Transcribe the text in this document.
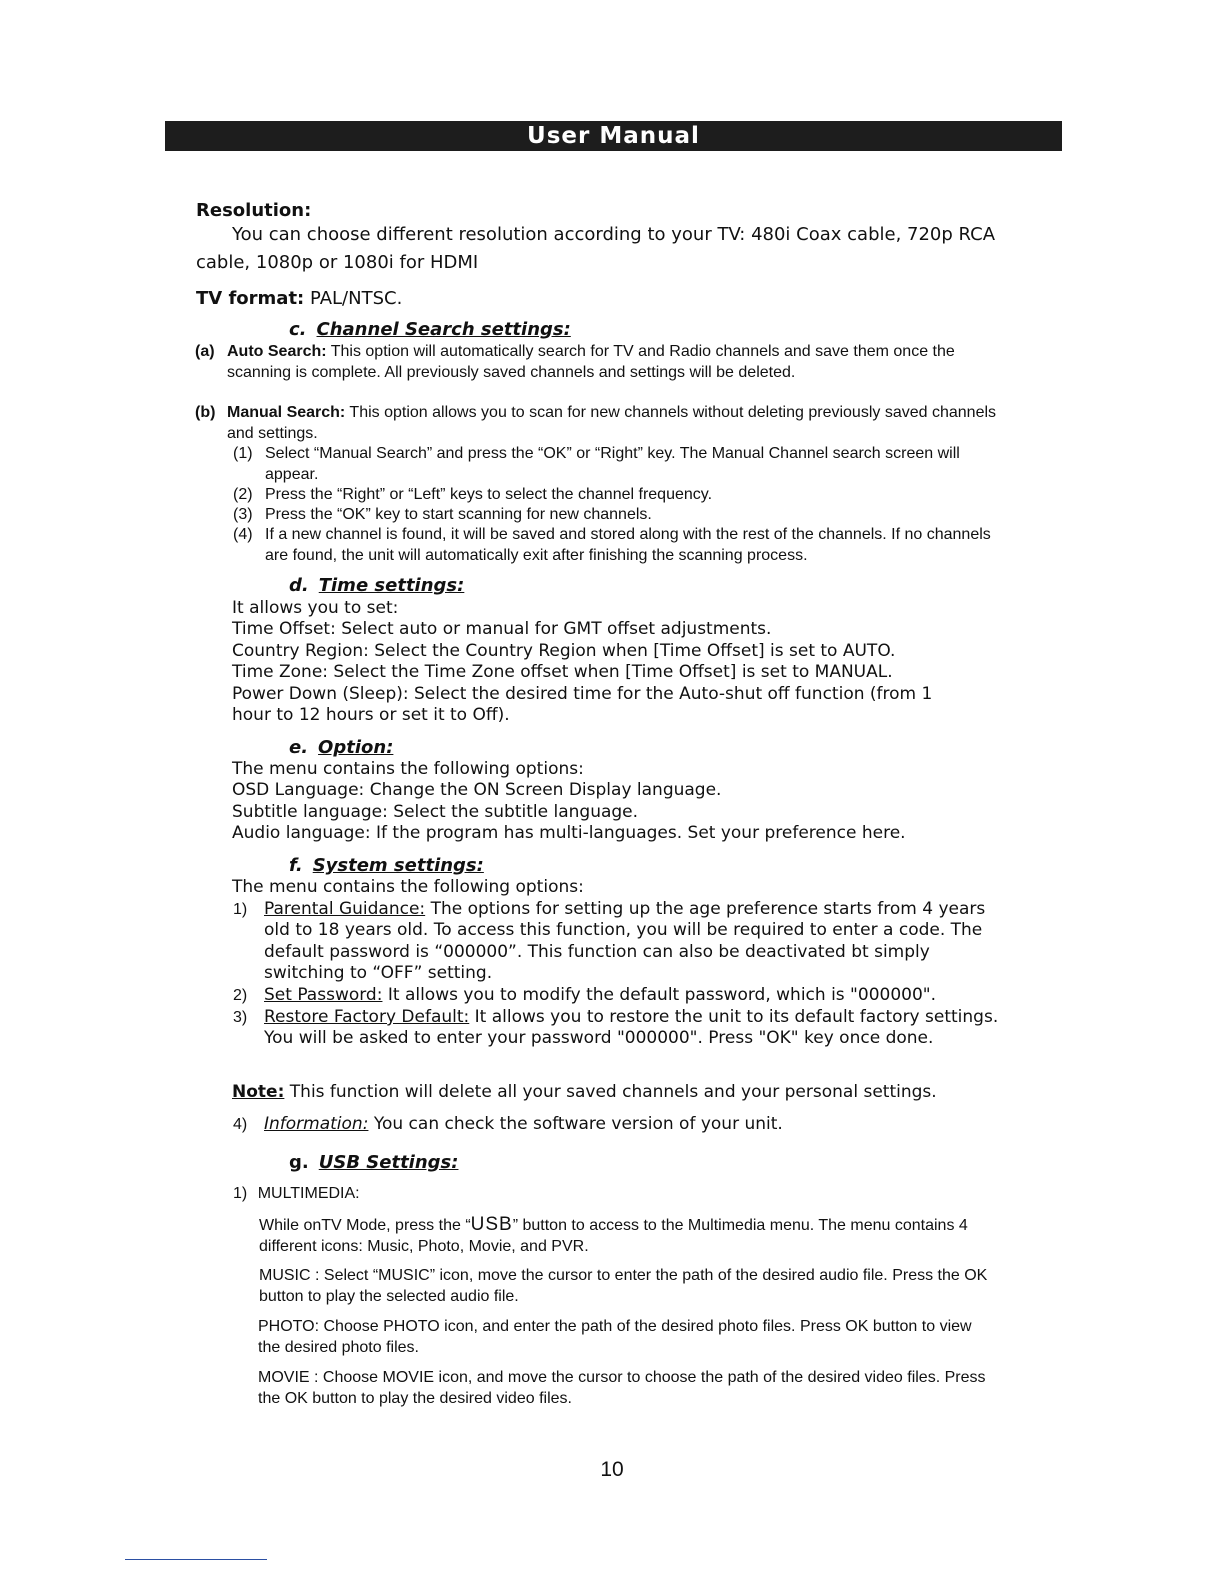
User Manual
Resolution:
You can choose different resolution according to your TV: 480i Coax cable, 720p RCA cable, 1080p or 1080i for HDMI
TV format: PAL/NTSC.
c. Channel Search settings:
(a) Auto Search: This option will automatically search for TV and Radio channels and save them once the scanning is complete. All previously saved channels and settings will be deleted.
(b) Manual Search: This option allows you to scan for new channels without deleting previously saved channels and settings.
(1) Select “Manual Search” and press the “OK” or “Right” key. The Manual Channel search screen will appear.
(2) Press the “Right” or “Left” keys to select the channel frequency.
(3) Press the “OK” key to start scanning for new channels.
(4) If a new channel is found, it will be saved and stored along with the rest of the channels. If no channels are found, the unit will automatically exit after finishing the scanning process.
d. Time settings:
It allows you to set:
Time Offset: Select auto or manual for GMT offset adjustments.
Country Region: Select the Country Region when [Time Offset] is set to AUTO.
Time Zone: Select the Time Zone offset when [Time Offset] is set to MANUAL.
Power Down (Sleep): Select the desired time for the Auto-shut off function (from 1
hour to 12 hours or set it to Off).
e. Option:
The menu contains the following options:
OSD Language: Change the ON Screen Display language.
Subtitle language: Select the subtitle language.
Audio language: If the program has multi-languages. Set your preference here.
f. System settings:
The menu contains the following options:
1) Parental Guidance: The options for setting up the age preference starts from 4 years old to 18 years old. To access this function, you will be required to enter a code. The default password is “000000”. This function can also be deactivated bt simply switching to “OFF” setting.
2) Set Password: It allows you to modify the default password, which is "000000".
3) Restore Factory Default: It allows you to restore the unit to its default factory settings. You will be asked to enter your password "000000". Press "OK" key once done.
Note: This function will delete all your saved channels and your personal settings.
4) Information: You can check the software version of your unit.
g. USB Settings:
1) MULTIMEDIA:
While onTV Mode, press the “USB” button to access to the Multimedia menu. The menu contains 4 different icons: Music, Photo, Movie, and PVR.
MUSIC : Select “MUSIC” icon, move the cursor to enter the path of the desired audio file. Press the OK button to play the selected audio file.
PHOTO: Choose PHOTO icon, and enter the path of the desired photo files. Press OK button to view the desired photo files.
MOVIE : Choose MOVIE icon, and move the cursor to choose the path of the desired video files. Press the OK button to play the desired video files.
10
